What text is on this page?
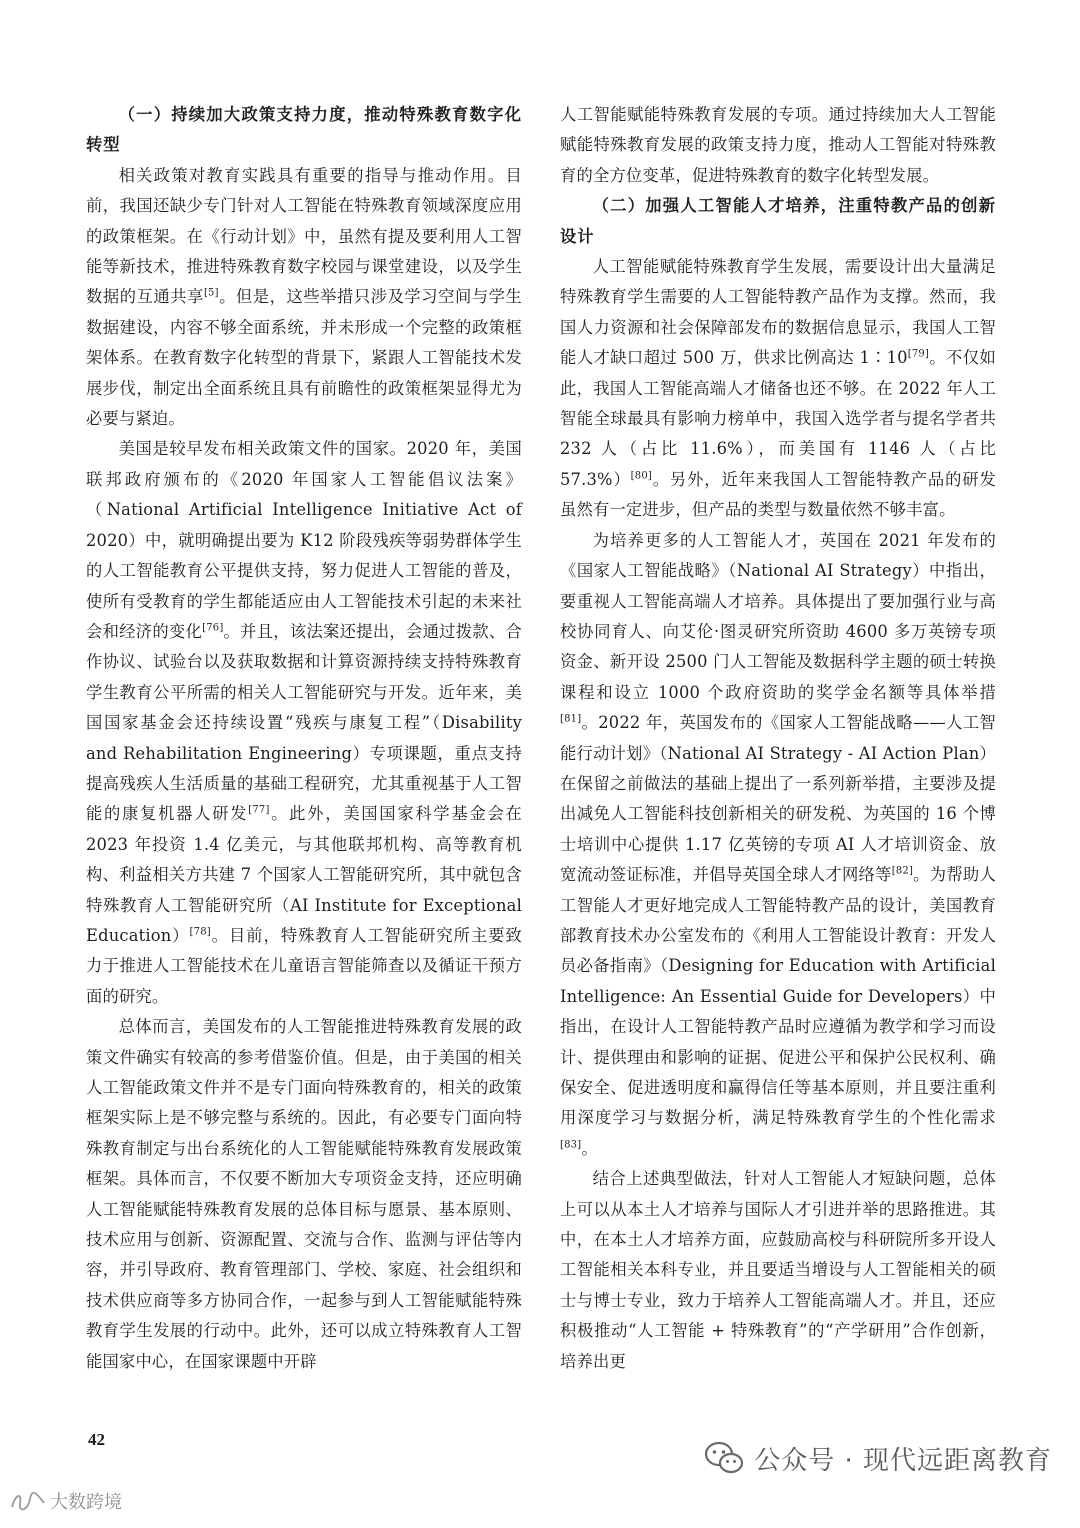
（一）持续加大政策支持力度，推动特殊教育数字化转型

相关政策对教育实践具有重要的指导与推动作用。目前，我国还缺少专门针对人工智能在特殊教育领域深度应用的政策框架。在《行动计划》中，虽然有提及要利用人工智能等新技术，推进特殊教育数字校园与课堂建设，以及学生数据的互通共享[5]。但是，这些举措只涉及学习空间与学生数据建设，内容不够全面系统，并未形成一个完整的政策框架体系。在教育数字化转型的背景下，紧跟人工智能技术发展步伐，制定出全面系统且具有前瞻性的政策框架显得尤为必要与紧迫。

美国是较早发布相关政策文件的国家。2020 年，美国联邦政府颁布的《2020 年国家人工智能倡议法案》（National Artificial Intelligence Initiative Act of 2020）中，就明确提出要为 K12 阶段残疾等弱势群体学生的人工智能教育公平提供支持，努力促进人工智能的普及，使所有受教育的学生都能适应由人工智能技术引起的未来社会和经济的变化[76]。并且，该法案还提出，会通过拨款、合作协议、试验台以及获取数据和计算资源持续支持特殊教育学生教育公平所需的相关人工智能研究与开发。近年来，美国国家基金会还持续设置“残疾与康复工程”（Disability and Rehabilitation Engineering）专项课题，重点支持提高残疾人生活质量的基础工程研究，尤其重视基于人工智能的康复机器人研发[77]。此外，美国国家科学基金会在 2023 年投资 1.4 亿美元，与其他联邦机构、高等教育机构、利益相关方共建 7 个国家人工智能研究所，其中就包含特殊教育人工智能研究所（AI Institute for Exceptional Education）[78]。目前，特殊教育人工智能研究所主要致力于推进人工智能技术在儿童语言智能筛查以及循证干预方面的研究。

总体而言，美国发布的人工智能推进特殊教育发展的政策文件确实有较高的参考借鉴价值。但是，由于美国的相关人工智能政策文件并不是专门面向特殊教育的，相关的政策框架实际上是不够完整与系统的。因此，有必要专门面向特殊教育制定与出台系统化的人工智能赋能特殊教育发展政策框架。具体而言，不仅要不断加大专项资金支持，还应明确人工智能赋能特殊教育发展的总体目标与愿景、基本原则、技术应用与创新、资源配置、交流与合作、监测与评估等内容，并引导政府、教育管理部门、学校、家庭、社会组织和技术供应商等多方协同合作，一起参与到人工智能赋能特殊教育学生发展的行动中。此外，还可以成立特殊教育人工智能国家中心，在国家课题中开辟

人工智能赋能特殊教育发展的专项。通过持续加大人工智能赋能特殊教育发展的政策支持力度，推动人工智能对特殊教育的全方位变革，促进特殊教育的数字化转型发展。

（二）加强人工智能人才培养，注重特教产品的创新设计

人工智能赋能特殊教育学生发展，需要设计出大量满足特殊教育学生需要的人工智能特教产品作为支撑。然而，我国人力资源和社会保障部发布的数据信息显示，我国人工智能人才缺口超过 500 万，供求比例高达 1∶10[79]。不仅如此，我国人工智能高端人才储备也还不够。在 2022 年人工智能全球最具有影响力榜单中，我国入选学者与提名学者共 232 人（占比 11.6%），而美国有 1146 人（占比 57.3%）[80]。另外，近年来我国人工智能特教产品的研发虽然有一定进步，但产品的类型与数量依然不够丰富。

为培养更多的人工智能人才，英国在 2021 年发布的《国家人工智能战略》（National AI Strategy）中指出，要重视人工智能高端人才培养。具体提出了要加强行业与高校协同育人、向艾伦·图灵研究所资助 4600 多万英镑专项资金、新开设 2500 门人工智能及数据科学主题的硕士转换课程和设立 1000 个政府资助的奖学金名额等具体举措[81]。2022 年，英国发布的《国家人工智能战略——人工智能行动计划》（National AI Strategy - AI Action Plan）在保留之前做法的基础上提出了一系列新举措，主要涉及提出减免人工智能科技创新相关的研发税、为英国的 16 个博士培训中心提供 1.17 亿英镑的专项 AI 人才培训资金、放宽流动签证标准，并倡导英国全球人才网络等[82]。为帮助人工智能人才更好地完成人工智能特教产品的设计，美国教育部教育技术办公室发布的《利用人工智能设计教育：开发人员必备指南》（Designing for Education with Artificial Intelligence: An Essential Guide for Developers）中指出，在设计人工智能特教产品时应遵循为教学和学习而设计、提供理由和影响的证据、促进公平和保护公民权利、确保安全、促进透明度和赢得信任等基本原则，并且要注重利用深度学习与数据分析，满足特殊教育学生的个性化需求[83]。

结合上述典型做法，针对人工智能人才短缺问题，总体上可以从本土人才培养与国际人才引进并举的思路推进。其中，在本土人才培养方面，应鼓励高校与科研院所多开设人工智能相关本科专业，并且要适当增设与人工智能相关的硕士与博士专业，致力于培养人工智能高端人才。并且，还应积极推动“人工智能 + 特殊教育”的“产学研用”合作创新，培养出更

42
公众号 · 现代远距离教育
大数跨境
